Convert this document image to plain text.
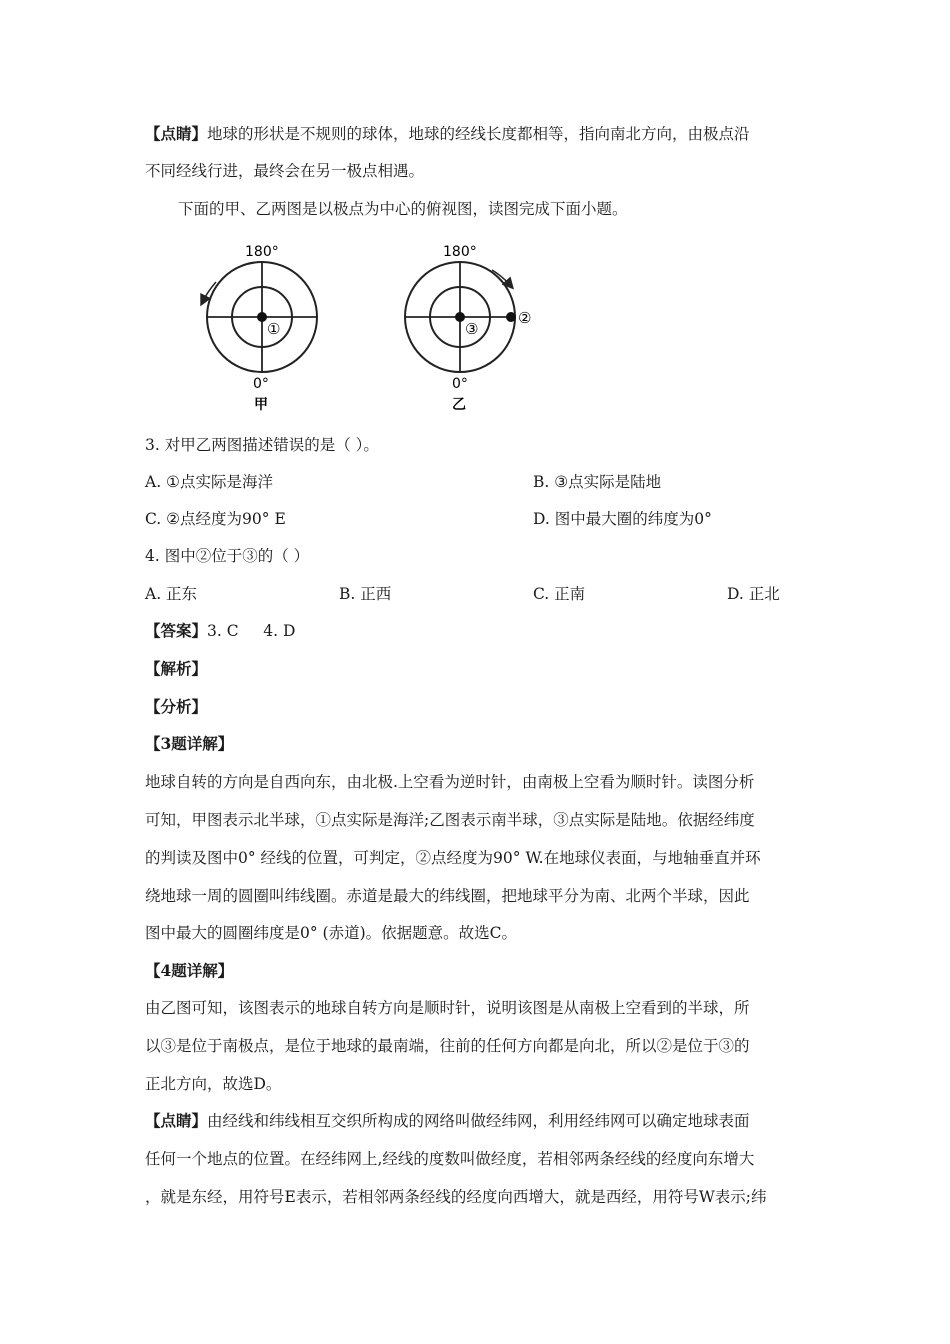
【点睛】地球的形状是不规则的球体，地球的经线长度都相等，指向南北方向，由极点沿
不同经线行进，最终会在另一极点相遇。
下面的甲、乙两图是以极点为中心的俯视图，读图完成下面小题。
180°
0°
①
甲
180°
0°
③
②
乙
3. 对甲乙两图描述错误的是（ ）。
A. ①点实际是海洋	B. ③点实际是陆地
C. ②点经度为90° E	D. 图中最大圈的纬度为0°
4. 图中②位于③的（ ）
A. 正东	B. 正西	C. 正南	D. 正北
【答案】3. C     4. D
【解析】
【分析】
【3题详解】
地球自转的方向是自西向东，由北极.上空看为逆时针，由南极上空看为顺时针。读图分析
可知，甲图表示北半球，①点实际是海洋;乙图表示南半球，③点实际是陆地。依据经纬度
的判读及图中0° 经线的位置，可判定，②点经度为90° W.在地球仪表面，与地轴垂直并环
绕地球一周的圆圈叫纬线圈。赤道是最大的纬线圈，把地球平分为南、北两个半球，因此
图中最大的圆圈纬度是0° (赤道)。依据题意。故选C。
【4题详解】
由乙图可知，该图表示的地球自转方向是顺时针，说明该图是从南极上空看到的半球，所
以③是位于南极点，是位于地球的最南端，往前的任何方向都是向北，所以②是位于③的
正北方向，故选D。
【点睛】由经线和纬线相互交织所构成的网络叫做经纬网，利用经纬网可以确定地球表面
任何一个地点的位置。在经纬网上,经线的度数叫做经度，若相邻两条经线的经度向东增大
，就是东经，用符号E表示，若相邻两条经线的经度向西增大，就是西经，用符号W表示;纬
